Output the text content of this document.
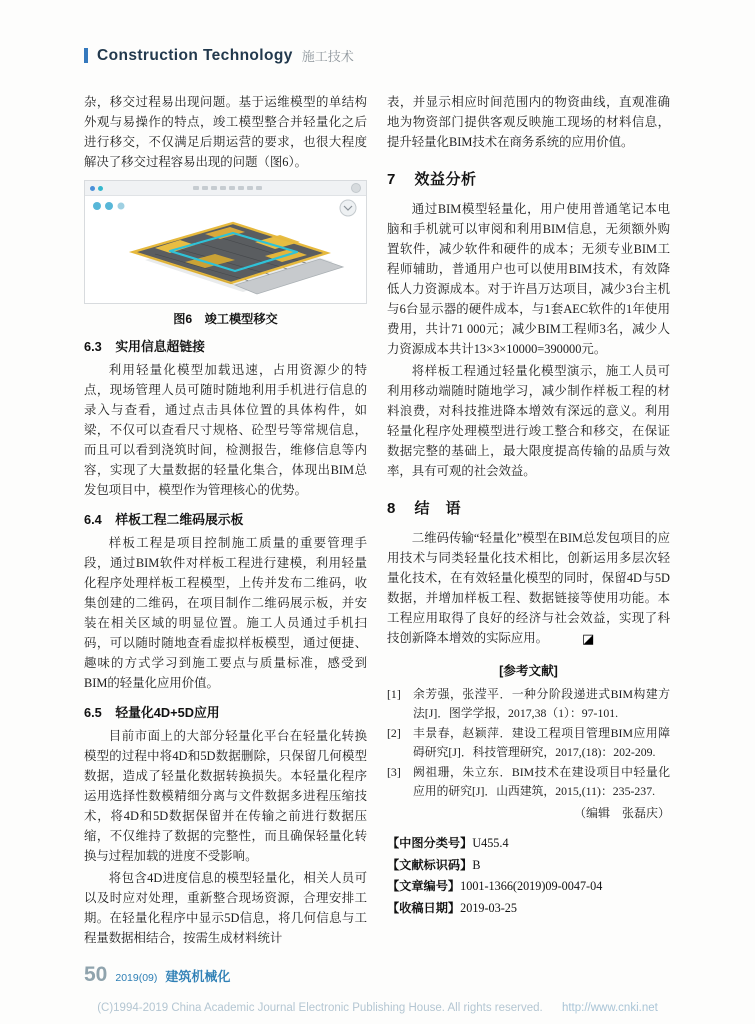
Construction Technology 施工技术

杂，移交过程易出现问题。基于运维模型的单结构外观与易操作的特点，竣工模型整合并轻量化之后进行移交，不仅满足后期运营的要求，也很大程度解决了移交过程容易出现的问题（图6）。

图6 竣工模型移交
6.3 实用信息超链接

利用轻量化模型加载迅速，占用资源少的特点，现场管理人员可随时随地利用手机进行信息的录入与查看，通过点击具体位置的具体构件，如梁，不仅可以查看尺寸规格、砼型号等常规信息，而且可以看到浇筑时间，检测报告，维修信息等内容，实现了大量数据的轻量化集合，体现出BIM总发包项目中，模型作为管理核心的优势。

6.4 样板工程二维码展示板

样板工程是项目控制施工质量的重要管理手段，通过BIM软件对样板工程进行建模，利用轻量化程序处理样板工程模型，上传并发布二维码，收集创建的二维码，在项目制作二维码展示板，并安装在相关区域的明显位置。施工人员通过手机扫码，可以随时随地查看虚拟样板模型，通过便捷、趣味的方式学习到施工要点与质量标准，感受到BIM的轻量化应用价值。

6.5 轻量化4D+5D应用

目前市面上的大部分轻量化平台在轻量化转换模型的过程中将4D和5D数据删除，只保留几何模型数据，造成了轻量化数据转换损失。本轻量化程序运用选择性数模精细分离与文件数据多进程压缩技术，将4D和5D数据保留并在传输之前进行数据压缩，不仅维持了数据的完整性，而且确保轻量化转换与过程加载的进度不受影响。

将包含4D进度信息的模型轻量化，相关人员可以及时应对处理，重新整合现场资源，合理安排工期。在轻量化程序中显示5D信息，将几何信息与工程量数据相结合，按需生成材料统计

表，并显示相应时间范围内的物资曲线，直观准确地为物资部门提供客观反映施工现场的材料信息，提升轻量化BIM技术在商务系统的应用价值。

7 效益分析

通过BIM模型轻量化，用户使用普通笔记本电脑和手机就可以审阅和利用BIM信息，无须额外购置软件，减少软件和硬件的成本；无须专业BIM工程师辅助，普通用户也可以使用BIM技术，有效降低人力资源成本。对于许昌万达项目，减少3台主机与6台显示器的硬件成本，与1套AEC软件的1年使用费用，共计71 000元；减少BIM工程师3名，减少人力资源成本共计13×3×10000=390000元。

将样板工程通过轻量化模型演示，施工人员可利用移动端随时随地学习，减少制作样板工程的材料浪费，对科技推进降本增效有深远的意义。利用轻量化程序处理模型进行竣工整合和移交，在保证数据完整的基础上，最大限度提高传输的品质与效率，具有可观的社会效益。

8 结　语

二维码传输“轻量化”模型在BIM总发包项目的应用技术与同类轻量化技术相比，创新运用多层次轻量化技术，在有效轻量化模型的同时，保留4D与5D数据，并增加样板工程、数据链接等使用功能。本工程应用取得了良好的经济与社会效益，实现了科技创新降本增效的实际应用。	◪

[参考文献]
[1]	余芳强，张滢平．一种分阶段递进式BIM构建方法[J]．图学学报，2017,38（1）：97-101.
[2]	丰景春，赵颖萍．建设工程项目管理BIM应用障碍研究[J]．科技管理研究，2017,(18)：202-209.
[3]	阙祖珊，朱立东．BIM技术在建设项目中轻量化应用的研究[J]．山西建筑，2015,(11)：235-237.
（编辑　张磊庆）
【中图分类号】U455.4
【文献标识码】B
【文章编号】1001-1366(2019)09-0047-04
【收稿日期】2019-03-25
50 2019(09) 建筑机械化
(C)1994-2019 China Academic Journal Electronic Publishing House. All rights reserved. http://www.cnki.net
